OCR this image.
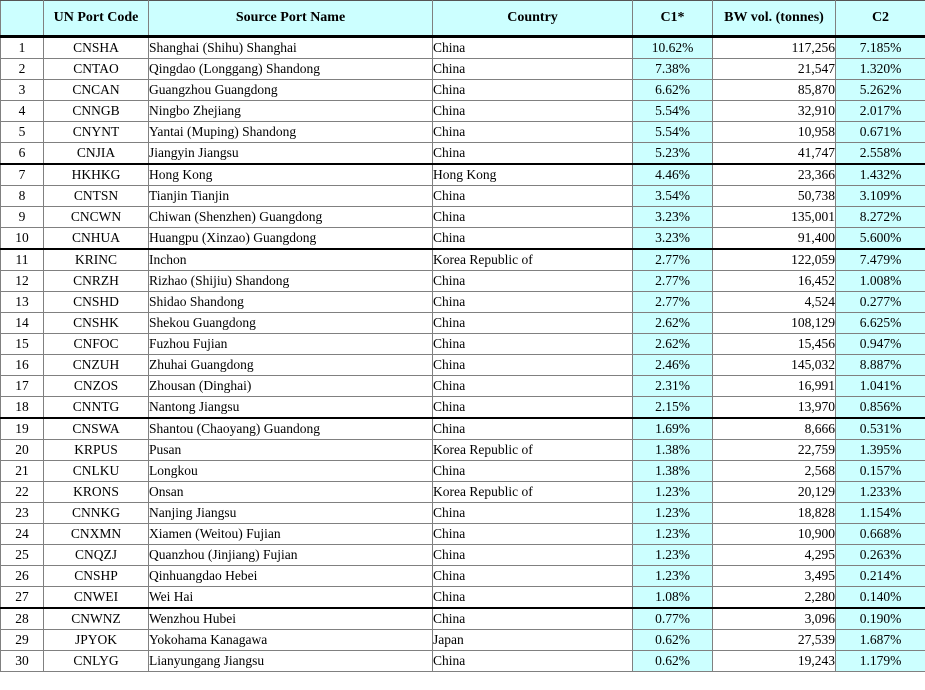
	UN Port Code	Source Port Name	Country	C1*	BW vol. (tonnes)	C2
1	CNSHA	Shanghai (Shihu) Shanghai	China	10.62%	117,256	7.185%
2	CNTAO	Qingdao (Longgang) Shandong	China	7.38%	21,547	1.320%
3	CNCAN	Guangzhou Guangdong	China	6.62%	85,870	5.262%
4	CNNGB	Ningbo Zhejiang	China	5.54%	32,910	2.017%
5	CNYNT	Yantai (Muping) Shandong	China	5.54%	10,958	0.671%
6	CNJIA	Jiangyin Jiangsu	China	5.23%	41,747	2.558%
7	HKHKG	Hong Kong	Hong Kong	4.46%	23,366	1.432%
8	CNTSN	Tianjin Tianjin	China	3.54%	50,738	3.109%
9	CNCWN	Chiwan (Shenzhen) Guangdong	China	3.23%	135,001	8.272%
10	CNHUA	Huangpu (Xinzao) Guangdong	China	3.23%	91,400	5.600%
11	KRINC	Inchon	Korea Republic of	2.77%	122,059	7.479%
12	CNRZH	Rizhao (Shijiu) Shandong	China	2.77%	16,452	1.008%
13	CNSHD	Shidao Shandong	China	2.77%	4,524	0.277%
14	CNSHK	Shekou Guangdong	China	2.62%	108,129	6.625%
15	CNFOC	Fuzhou Fujian	China	2.62%	15,456	0.947%
16	CNZUH	Zhuhai Guangdong	China	2.46%	145,032	8.887%
17	CNZOS	Zhousan (Dinghai)	China	2.31%	16,991	1.041%
18	CNNTG	Nantong Jiangsu	China	2.15%	13,970	0.856%
19	CNSWA	Shantou (Chaoyang) Guandong	China	1.69%	8,666	0.531%
20	KRPUS	Pusan	Korea Republic of	1.38%	22,759	1.395%
21	CNLKU	Longkou	China	1.38%	2,568	0.157%
22	KRONS	Onsan	Korea Republic of	1.23%	20,129	1.233%
23	CNNKG	Nanjing Jiangsu	China	1.23%	18,828	1.154%
24	CNXMN	Xiamen (Weitou) Fujian	China	1.23%	10,900	0.668%
25	CNQZJ	Quanzhou (Jinjiang) Fujian	China	1.23%	4,295	0.263%
26	CNSHP	Qinhuangdao Hebei	China	1.23%	3,495	0.214%
27	CNWEI	Wei Hai	China	1.08%	2,280	0.140%
28	CNWNZ	Wenzhou Hubei	China	0.77%	3,096	0.190%
29	JPYOK	Yokohama Kanagawa	Japan	0.62%	27,539	1.687%
30	CNLYG	Lianyungang Jiangsu	China	0.62%	19,243	1.179%
